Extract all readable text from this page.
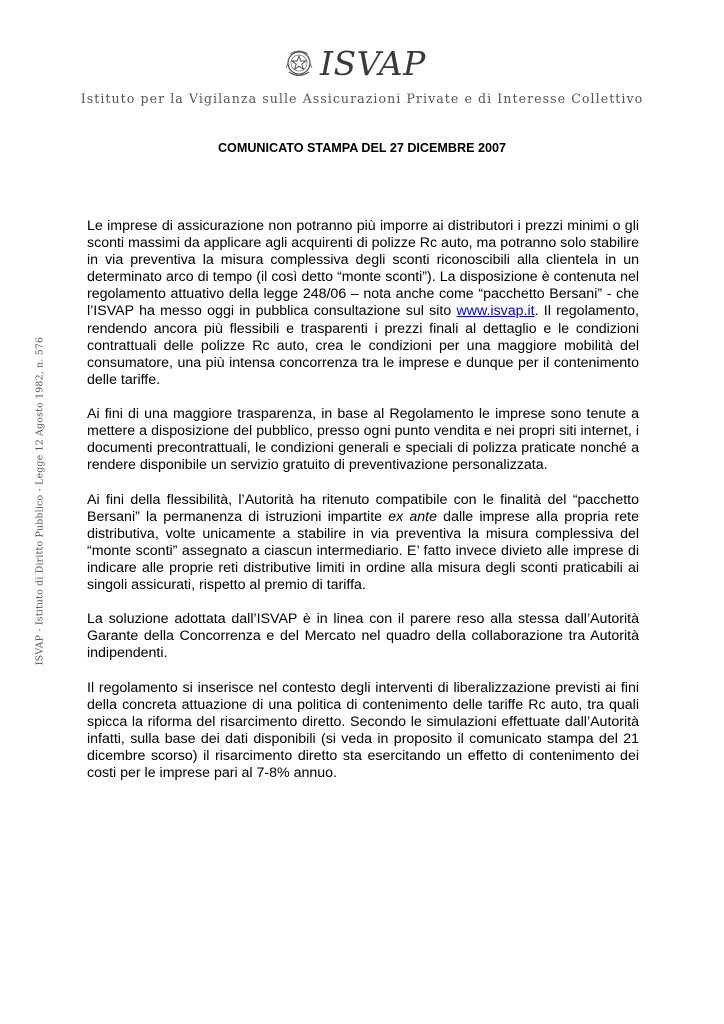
ISVAP
Istituto per la Vigilanza sulle Assicurazioni Private e di Interesse Collettivo
ISVAP - Istituto di Diritto Pubblico - Legge 12 Agosto 1982, n. 576
COMUNICATO STAMPA DEL 27 DICEMBRE 2007

Le imprese di assicurazione non potranno più imporre ai distributori i prezzi minimi o gli sconti massimi da applicare agli acquirenti di polizze Rc auto, ma potranno solo stabilire in via preventiva la misura complessiva degli sconti riconoscibili alla clientela in un determinato arco di tempo (il così detto “monte sconti”). La disposizione è contenuta nel regolamento attuativo della legge 248/06 – nota anche come “pacchetto Bersani” - che l’ISVAP ha messo oggi in pubblica consultazione sul sito www.isvap.it. Il regolamento, rendendo ancora più flessibili e trasparenti i prezzi finali al dettaglio e le condizioni contrattuali delle polizze Rc auto, crea le condizioni per una maggiore mobilità del consumatore, una più intensa concorrenza tra le imprese e dunque per il contenimento delle tariffe.

Ai fini di una maggiore trasparenza, in base al Regolamento le imprese sono tenute a mettere a disposizione del pubblico, presso ogni punto vendita e nei propri siti internet, i documenti precontrattuali, le condizioni generali e speciali di polizza praticate nonché a rendere disponibile un servizio gratuito di preventivazione personalizzata.

Ai fini della flessibilità, l’Autorità ha ritenuto compatibile con le finalità del “pacchetto Bersani” la permanenza di istruzioni impartite ex ante dalle imprese alla propria rete distributiva, volte unicamente a stabilire in via preventiva la misura complessiva del “monte sconti” assegnato a ciascun intermediario. E’ fatto invece divieto alle imprese di indicare alle proprie reti distributive limiti in ordine alla misura degli sconti praticabili ai singoli assicurati, rispetto al premio di tariffa.

La soluzione adottata dall’ISVAP è in linea con il parere reso alla stessa dall’Autorità Garante della Concorrenza e del Mercato nel quadro della collaborazione tra Autorità indipendenti.

Il regolamento si inserisce nel contesto degli interventi di liberalizzazione previsti ai fini della concreta attuazione di una politica di contenimento delle tariffe Rc auto, tra quali spicca la riforma del risarcimento diretto. Secondo le simulazioni effettuate dall’Autorità infatti, sulla base dei dati disponibili (si veda in proposito il comunicato stampa del 21 dicembre scorso) il risarcimento diretto sta esercitando un effetto di contenimento dei costi per le imprese pari al 7-8% annuo.
